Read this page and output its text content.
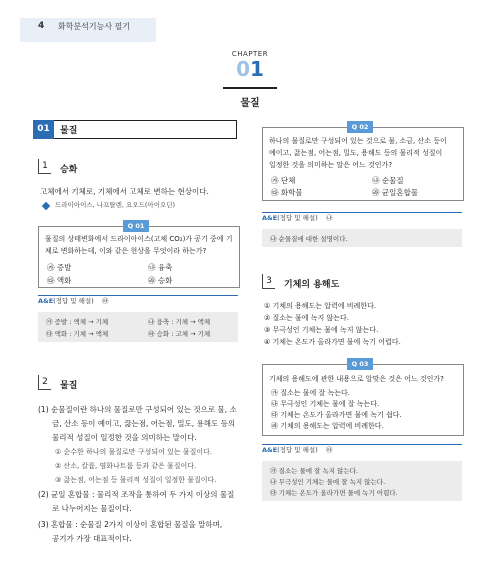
4 화학분석기능사 필기
CHAPTER
01
물질
01	물질
1	승화
고체에서 기체로, 기체에서 고체로 변하는 현상이다.
드라이아이스, 나프탈렌, 요오드(아이오딘)
Q 01
물질의 상태변화에서 드라이아이스(고체 CO₂)가 공기 중에 기
체로 변화하는데, 이와 같은 현상을 무엇이라 하는가?
㉮ 증발	㉯ 융축
㉰ 액화	㉱ 승화
A&E(정답 및 해설) ㉱
㉮ 증발 : 액체 → 기체	㉯ 융축 : 기체 → 액체
㉰ 액화 : 기체 → 액체	㉱ 승화 : 고체 → 기체
2	물질
(1) 순물질이란 하나의 물질로만 구성되어 있는 것으로 물, 소
금, 산소 등이 예이고, 끓는점, 어는점, 밀도, 용해도 등의
물리적 성질이 일정한 것을 의미하는 말이다.
① 순수한 하나의 물질로만 구성되어 있는 물질이다.
② 산소, 칼륨, 염화나트륨 등과 같은 물질이다.
③ 끓는점, 어는점 등 물리적 성질이 일정한 물질이다.
(2) 균일 혼합물 : 물리적 조작을 통하여 두 가지 이상의 물질
로 나누어지는 물질이다.
(3) 혼합물 : 순물질 2가지 이상이 혼합된 물질을 말하며,
공기가 가장 대표적이다.
Q 02
하나의 물질로만 구성되어 있는 것으로 물, 소금, 산소 등이
예이고, 끓는점, 어는점, 밀도, 용해도 등의 물리적 성질이
일정한 것을 의미하는 말은 어느 것인가?
㉮ 단체	㉯ 순물질
㉰ 화학물	㉱ 균일혼합물
A&E(정답 및 해설) ㉯
㉯ 순물질에 대한 설명이다.
3	기체의 용해도
① 기체의 용해도는 압력에 비례한다.
② 질소는 물에 녹지 않는다.
③ 무극성인 기체는 물에 녹지 않는다.
④ 기체는 온도가 올라가면 물에 녹기 어렵다.
Q 03
기체의 용해도에 관한 내용으로 알맞은 것은 어느 것인가?
㉮ 질소는 물에 잘 녹는다.
㉯ 무극성인 기체는 물에 잘 녹는다.
㉰ 기체는 온도가 올라가면 물에 녹기 쉽다.
㉱ 기체의 용해도는 압력에 비례한다.
A&E(정답 및 해설) ㉱
㉮ 질소는 물에 잘 녹지 않는다.
㉯ 무극성인 기체는 물에 잘 녹지 않는다.
㉰ 기체는 온도가 올라가면 물에 녹기 어렵다.
